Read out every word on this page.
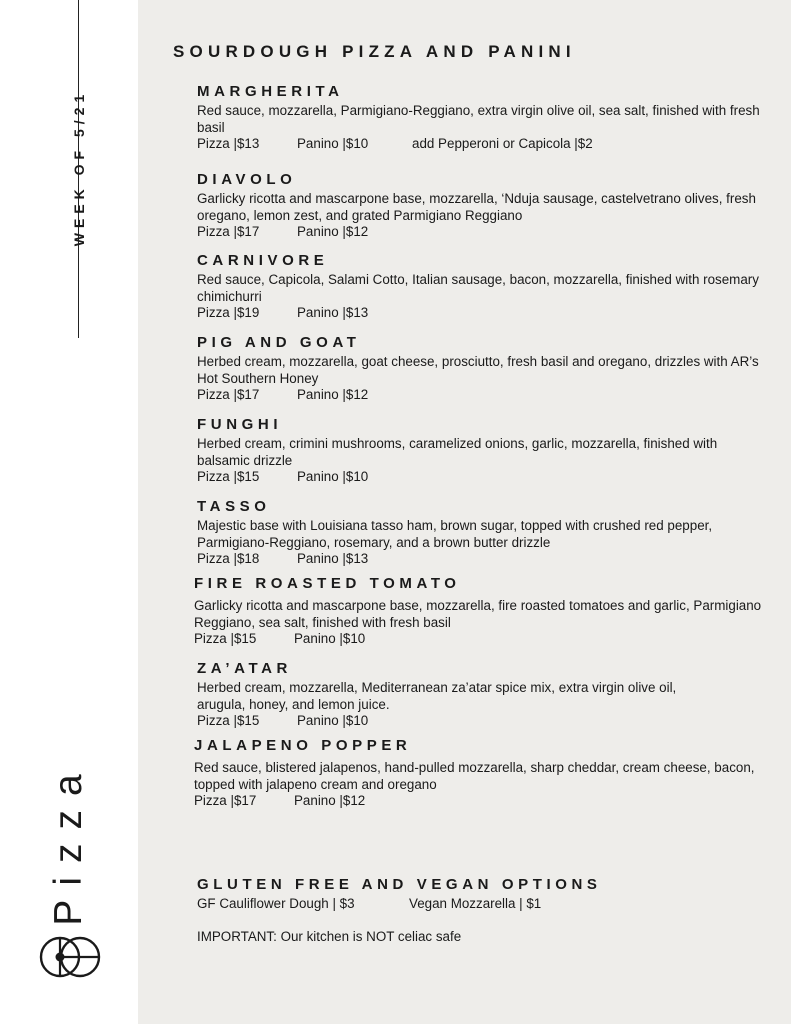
WEEK OF 5/21
Pizza
SOURDOUGH PIZZA AND PANINI
MARGHERITA
Red sauce, mozzarella, Parmigiano-Reggiano, extra virgin olive oil, sea salt, finished with fresh basil
Pizza |$13	Panino |$10	add Pepperoni or Capicola |$2
DIAVOLO
Garlicky ricotta and mascarpone base, mozzarella, ‘Nduja sausage, castelvetrano olives, fresh oregano, lemon zest, and grated Parmigiano Reggiano
Pizza |$17	Panino |$12
CARNIVORE
Red sauce, Capicola, Salami Cotto, Italian sausage, bacon, mozzarella, finished with rosemary chimichurri
Pizza |$19	Panino |$13
PIG AND GOAT
Herbed cream, mozzarella, goat cheese, prosciutto, fresh basil and oregano, drizzles with AR’s Hot Southern Honey
Pizza |$17	Panino |$12
FUNGHI
Herbed cream, crimini mushrooms, caramelized onions, garlic, mozzarella, finished with balsamic drizzle
Pizza |$15	Panino |$10
TASSO
Majestic base with Louisiana tasso ham, brown sugar, topped with crushed red pepper, Parmigiano-Reggiano, rosemary, and a brown butter drizzle
Pizza |$18	Panino |$13
FIRE ROASTED TOMATO
Garlicky ricotta and mascarpone base, mozzarella, fire roasted tomatoes and garlic, Parmigiano Reggiano, sea salt, finished with fresh basil
Pizza |$15	Panino |$10
ZA’ATAR
Herbed cream, mozzarella, Mediterranean za’atar spice mix, extra virgin olive oil, arugula, honey, and lemon juice.
Pizza |$15	Panino |$10
JALAPENO POPPER
Red sauce, blistered jalapenos, hand-pulled mozzarella, sharp cheddar, cream cheese, bacon, topped with jalapeno cream and oregano
Pizza |$17	Panino |$12
GLUTEN FREE AND VEGAN OPTIONS
GF Cauliflower Dough | $3	Vegan Mozzarella | $1
IMPORTANT: Our kitchen is NOT celiac safe
